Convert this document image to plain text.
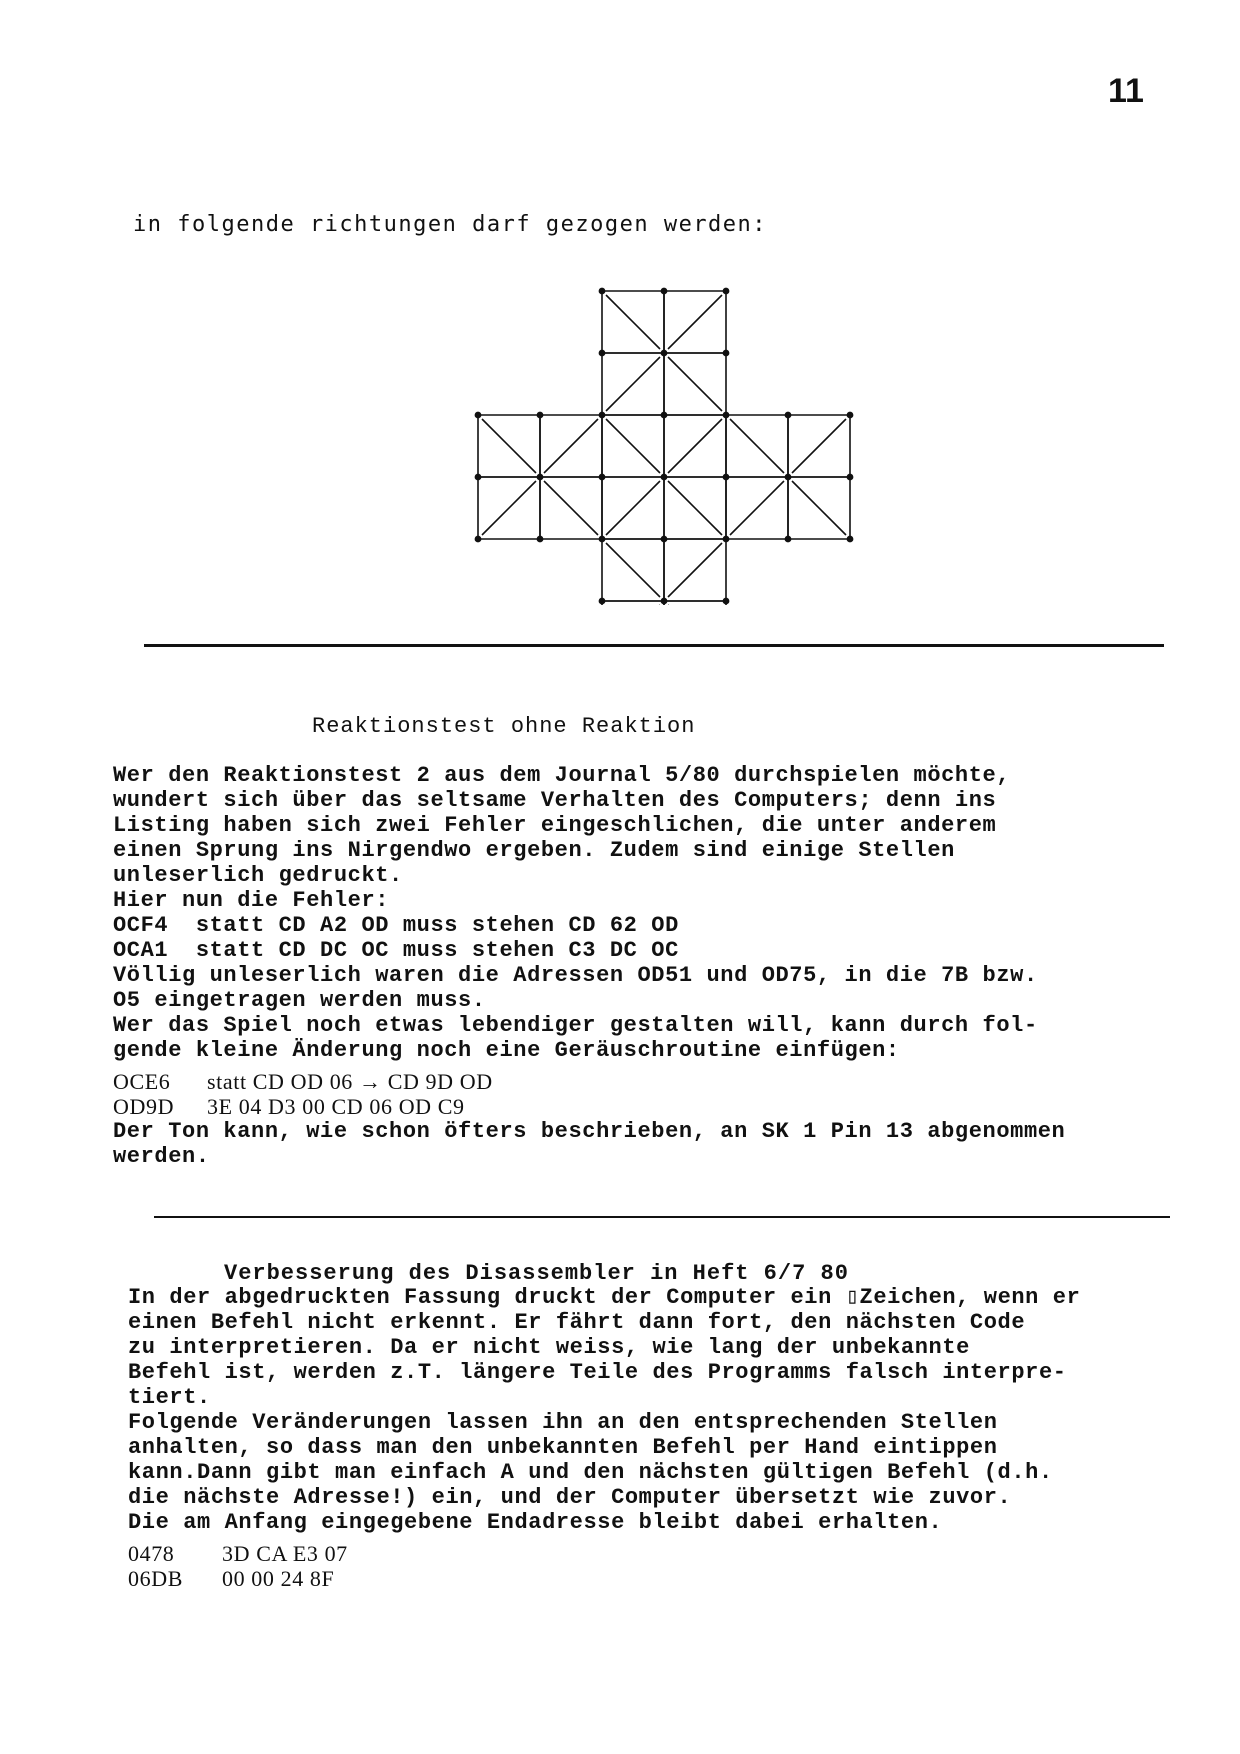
11
in folgende richtungen darf gezogen werden:
Reaktionstest ohne Reaktion
Wer den Reaktionstest 2 aus dem Journal 5/80 durchspielen möchte,
wundert sich über das seltsame Verhalten des Computers; denn ins
Listing haben sich zwei Fehler eingeschlichen, die unter anderem
einen Sprung ins Nirgendwo ergeben. Zudem sind einige Stellen
unleserlich gedruckt.
Hier nun die Fehler:
OCF4  statt CD A2 OD muss stehen CD 62 OD
OCA1  statt CD DC OC muss stehen C3 DC OC
Völlig unleserlich waren die Adressen OD51 und OD75, in die 7B bzw.
O5 eingetragen werden muss.
Wer das Spiel noch etwas lebendiger gestalten will, kann durch fol-
gende kleine Änderung noch eine Geräuschroutine einfügen:
OCE6 statt CD OD 06 → CD 9D OD
OD9D 3E 04 D3 00 CD 06 OD C9
Der Ton kann, wie schon öfters beschrieben, an SK 1 Pin 13 abgenommen
werden.
Verbesserung des Disassembler in Heft 6/7 80
In der abgedruckten Fassung druckt der Computer ein ▯Zeichen, wenn er
einen Befehl nicht erkennt. Er fährt dann fort, den nächsten Code
zu interpretieren. Da er nicht weiss, wie lang der unbekannte
Befehl ist, werden z.T. längere Teile des Programms falsch interpre-
tiert.
Folgende Veränderungen lassen ihn an den entsprechenden Stellen
anhalten, so dass man den unbekannten Befehl per Hand eintippen
kann.Dann gibt man einfach A und den nächsten gültigen Befehl (d.h.
die nächste Adresse!) ein, und der Computer übersetzt wie zuvor.
Die am Anfang eingegebene Endadresse bleibt dabei erhalten.
0478 3D CA E3 07
06DB 00 00 24 8F
